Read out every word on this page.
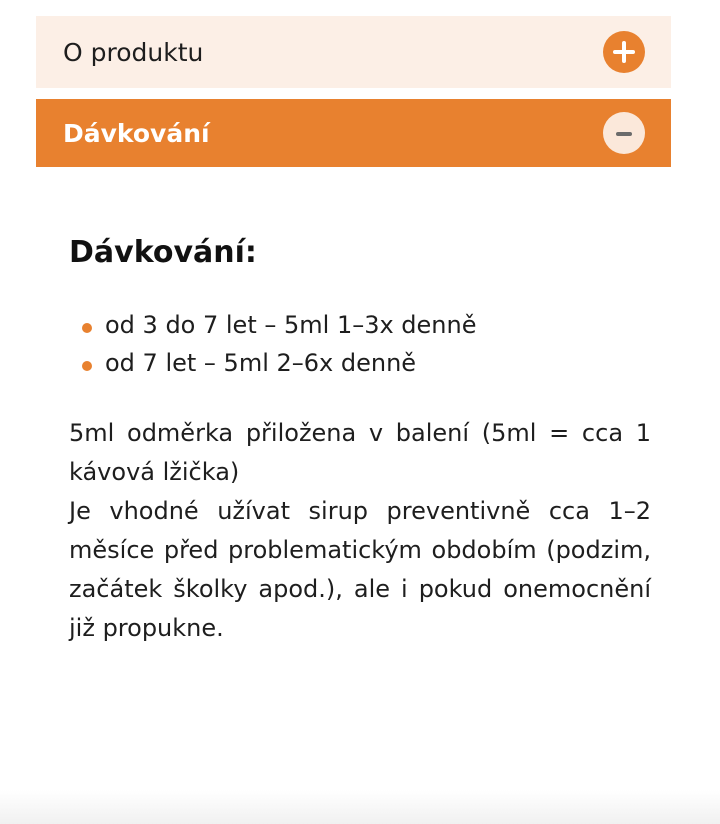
O produktu
Dávkování
Dávkování:
od 3 do 7 let – 5ml 1–3x denně
od 7 let – 5ml 2–6x denně

5ml odměrka přiložena v balení (5ml = cca 1 kávová lžička)
Je vhodné užívat sirup preventivně cca 1–2 měsíce před problematickým obdobím (podzim, začátek školky apod.), ale i pokud onemocnění již propukne.
